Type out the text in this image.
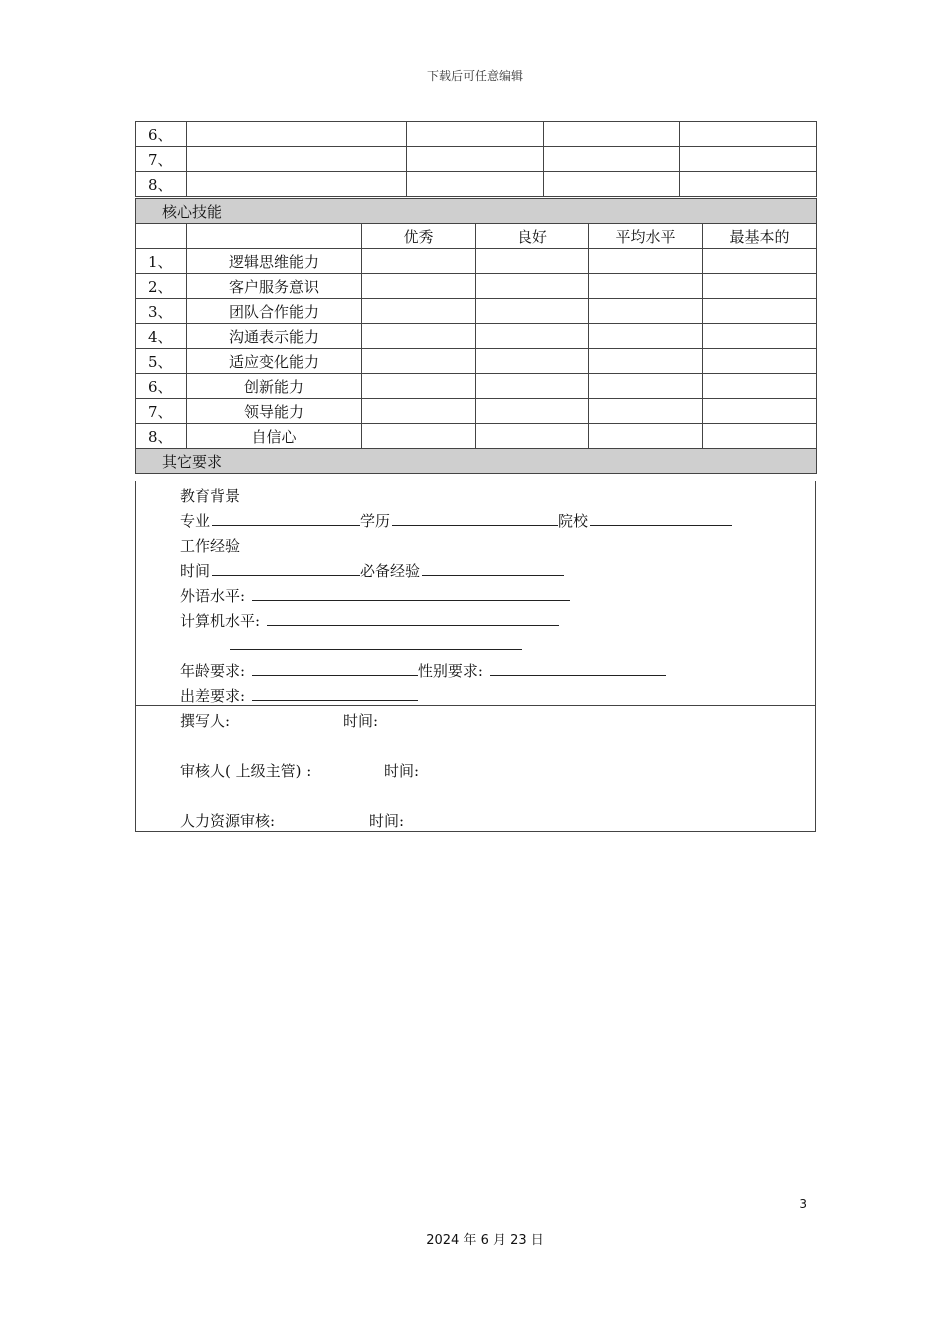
下载后可任意编辑
6、				
7、				
8、				
核心技能					
		优秀	良好	平均水平	最基本的
1、	逻辑思维能力				
2、	客户服务意识				
3、	团队合作能力				
4、	沟通表示能力				
5、	适应变化能力				
6、	创新能力				
7、	领导能力				
8、	自信心				
其它要求					
教育背景
专业	学历	院校
工作经验
时间	必备经验
外语水平:
计算机水平:
年龄要求:	性别要求:
出差要求:
撰写人:	时间:
审核人( 上级主管) :	时间:
人力资源审核:	时间:
3
2024 年 6 月 23 日
